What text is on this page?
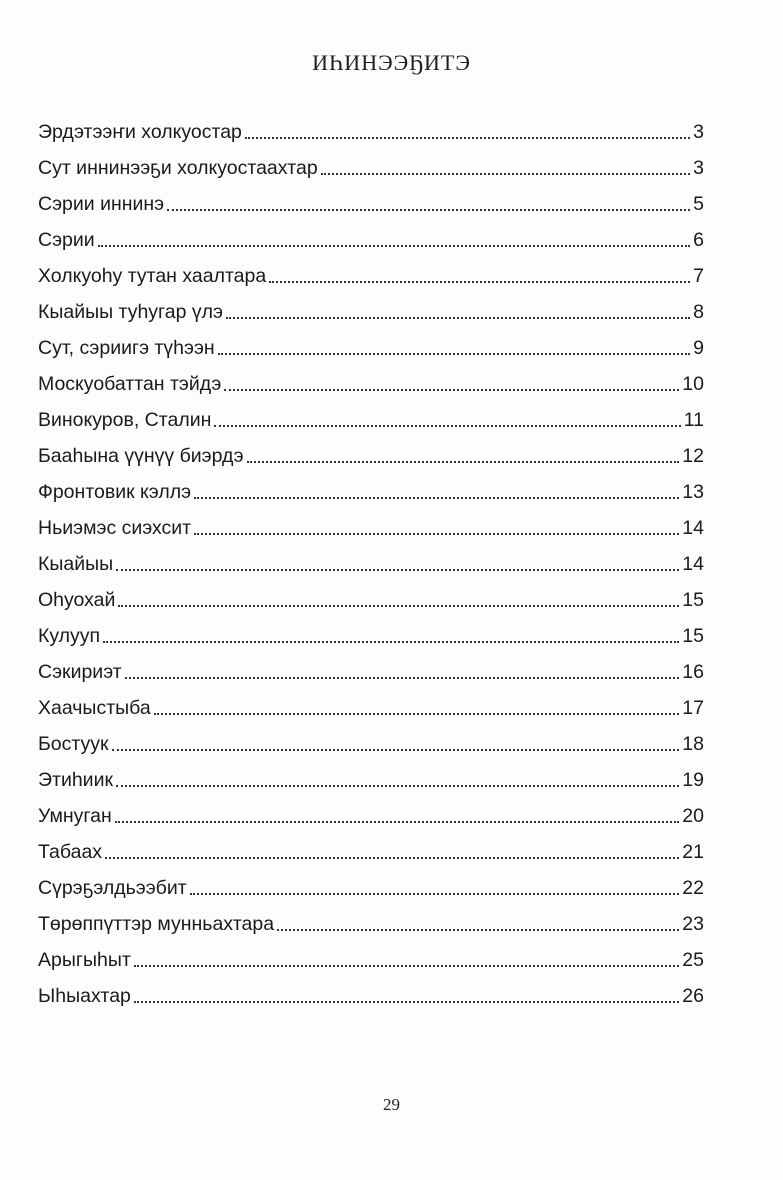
ИҺИНЭЭҔИТЭ
Эрдэтээҥи холкуостар	3
Сут иннинээҕи холкуостаахтар	3
Сэрии иннинэ	5
Сэрии	6
Холкуоһу тутан хаалтара	7
Кыайыы туһугар үлэ	8
Сут, сэриигэ түһээн	9
Москуобаттан тэйдэ	10
Винокуров, Сталин	11
Бааһына үүнүү биэрдэ	12
Фронтовик кэллэ	13
Ньиэмэс сиэхсит	14
Кыайыы	14
Оһуохай	15
Кулууп	15
Сэкириэт	16
Хаачыстыба	17
Бостуук	18
Этиһиик	19
Умнуган	20
Табаах	21
Сүрэҕэлдьээбит	22
Төрөппүттэр мунньахтара	23
Арыгыһыт	25
Ыһыахтар	26
29
